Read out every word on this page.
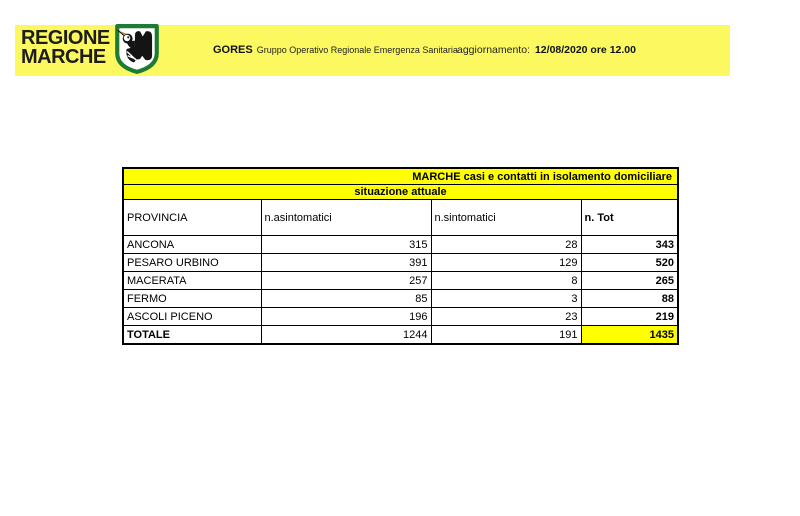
GORES Gruppo Operativo Regionale Emergenza Sanitaria aggiornamento: 12/08/2020 ore 12.00
REGIONE
MARCHE
MARCHE casi e contatti in isolamento domiciliare			
situazione attuale			
PROVINCIA	n.asintomatici	n.sintomatici	n. Tot
ANCONA	315	28	343
PESARO URBINO	391	129	520
MACERATA	257	8	265
FERMO	85	3	88
ASCOLI PICENO	196	23	219
TOTALE	1244	191	1435
